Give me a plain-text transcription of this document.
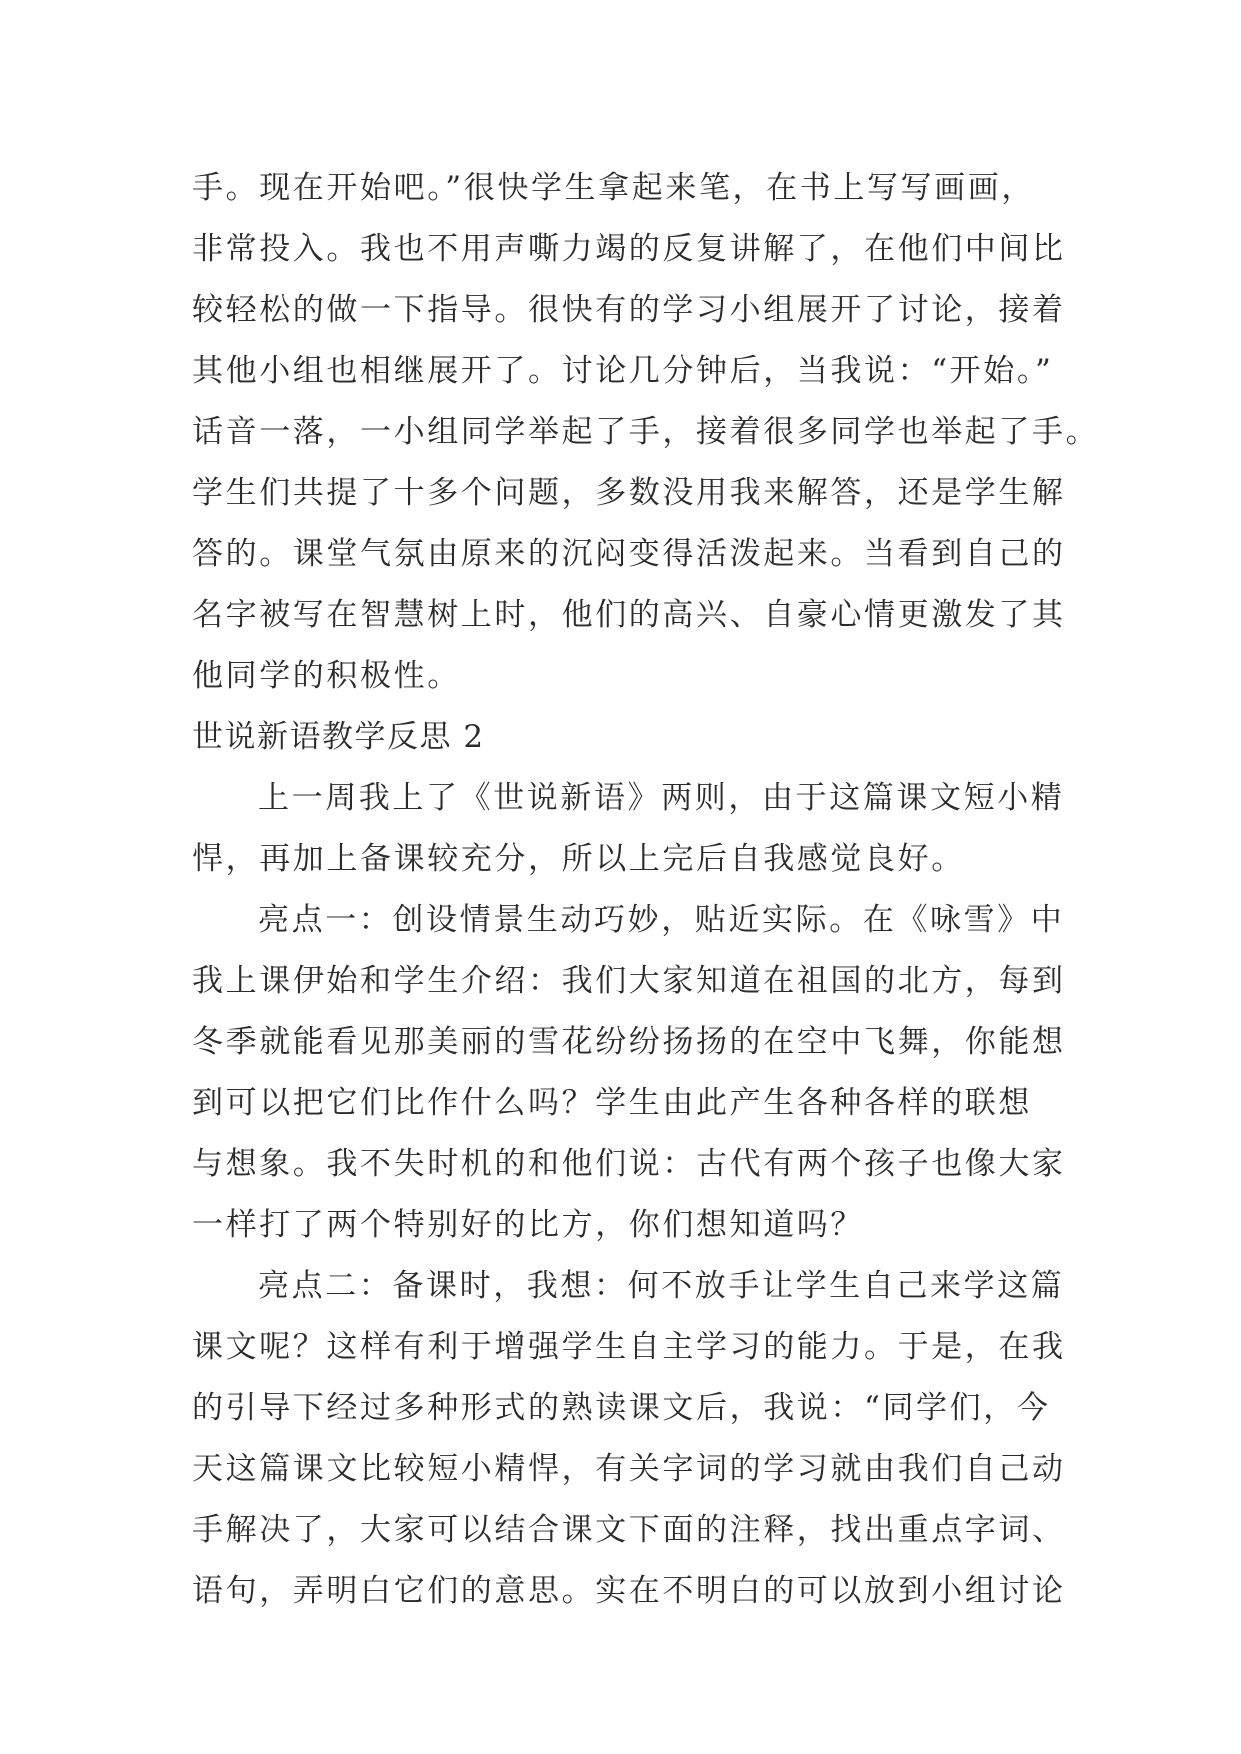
手。现在开始吧。”很快学生拿起来笔，在书上写写画画，
非常投入。我也不用声嘶力竭的反复讲解了，在他们中间比
较轻松的做一下指导。很快有的学习小组展开了讨论，接着
其他小组也相继展开了。讨论几分钟后，当我说：“开始。”
话音一落，一小组同学举起了手，接着很多同学也举起了手。
学生们共提了十多个问题，多数没用我来解答，还是学生解
答的。课堂气氛由原来的沉闷变得活泼起来。当看到自己的
名字被写在智慧树上时，他们的高兴、自豪心情更激发了其
他同学的积极性。
世说新语教学反思 2
上一周我上了《世说新语》两则，由于这篇课文短小精
悍，再加上备课较充分，所以上完后自我感觉良好。
亮点一：创设情景生动巧妙，贴近实际。在《咏雪》中
我上课伊始和学生介绍：我们大家知道在祖国的北方，每到
冬季就能看见那美丽的雪花纷纷扬扬的在空中飞舞，你能想
到可以把它们比作什么吗？学生由此产生各种各样的联想
与想象。我不失时机的和他们说：古代有两个孩子也像大家
一样打了两个特别好的比方，你们想知道吗？
亮点二：备课时，我想：何不放手让学生自己来学这篇
课文呢？这样有利于增强学生自主学习的能力。于是，在我
的引导下经过多种形式的熟读课文后，我说：“同学们，今
天这篇课文比较短小精悍，有关字词的学习就由我们自己动
手解决了，大家可以结合课文下面的注释，找出重点字词、
语句，弄明白它们的意思。实在不明白的可以放到小组讨论
